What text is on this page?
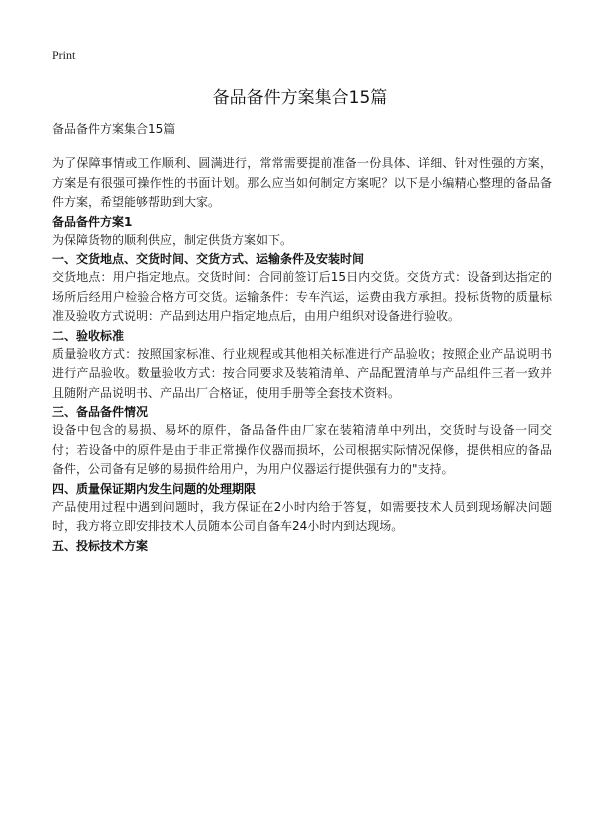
Print
备品备件方案集合15篇
备品备件方案集合15篇

为了保障事情或工作顺利、圆满进行，常常需要提前准备一份具体、详细、针对性强的方案，方案是有很强可操作性的书面计划。那么应当如何制定方案呢？以下是小编精心整理的备品备件方案，希望能够帮助到大家。

备品备件方案1

为保障货物的顺利供应，制定供货方案如下。

一、交货地点、交货时间、交货方式、运输条件及安装时间

交货地点：用户指定地点。交货时间：合同前签订后15日内交货。交货方式：设备到达指定的场所后经用户检验合格方可交货。运输条件：专车汽运，运费由我方承担。投标货物的质量标准及验收方式说明：产品到达用户指定地点后，由用户组织对设备进行验收。

二、验收标准

质量验收方式：按照国家标准、行业规程或其他相关标准进行产品验收；按照企业产品说明书进行产品验收。数量验收方式：按合同要求及装箱清单、产品配置清单与产品组件三者一致并且随附产品说明书、产品出厂合格证，使用手册等全套技术资料。

三、备品备件情况

设备中包含的易损、易坏的原件，备品备件由厂家在装箱清单中列出，交货时与设备一同交付；若设备中的原件是由于非正常操作仪器而损坏，公司根据实际情况保修，提供相应的备品备件，公司备有足够的易损件给用户，为用户仪器运行提供强有力的"支持。

四、质量保证期内发生问题的处理期限

产品使用过程中遇到问题时，我方保证在2小时内给于答复，如需要技术人员到现场解决问题时，我方将立即安排技术人员随本公司自备车24小时内到达现场。

五、投标技术方案
